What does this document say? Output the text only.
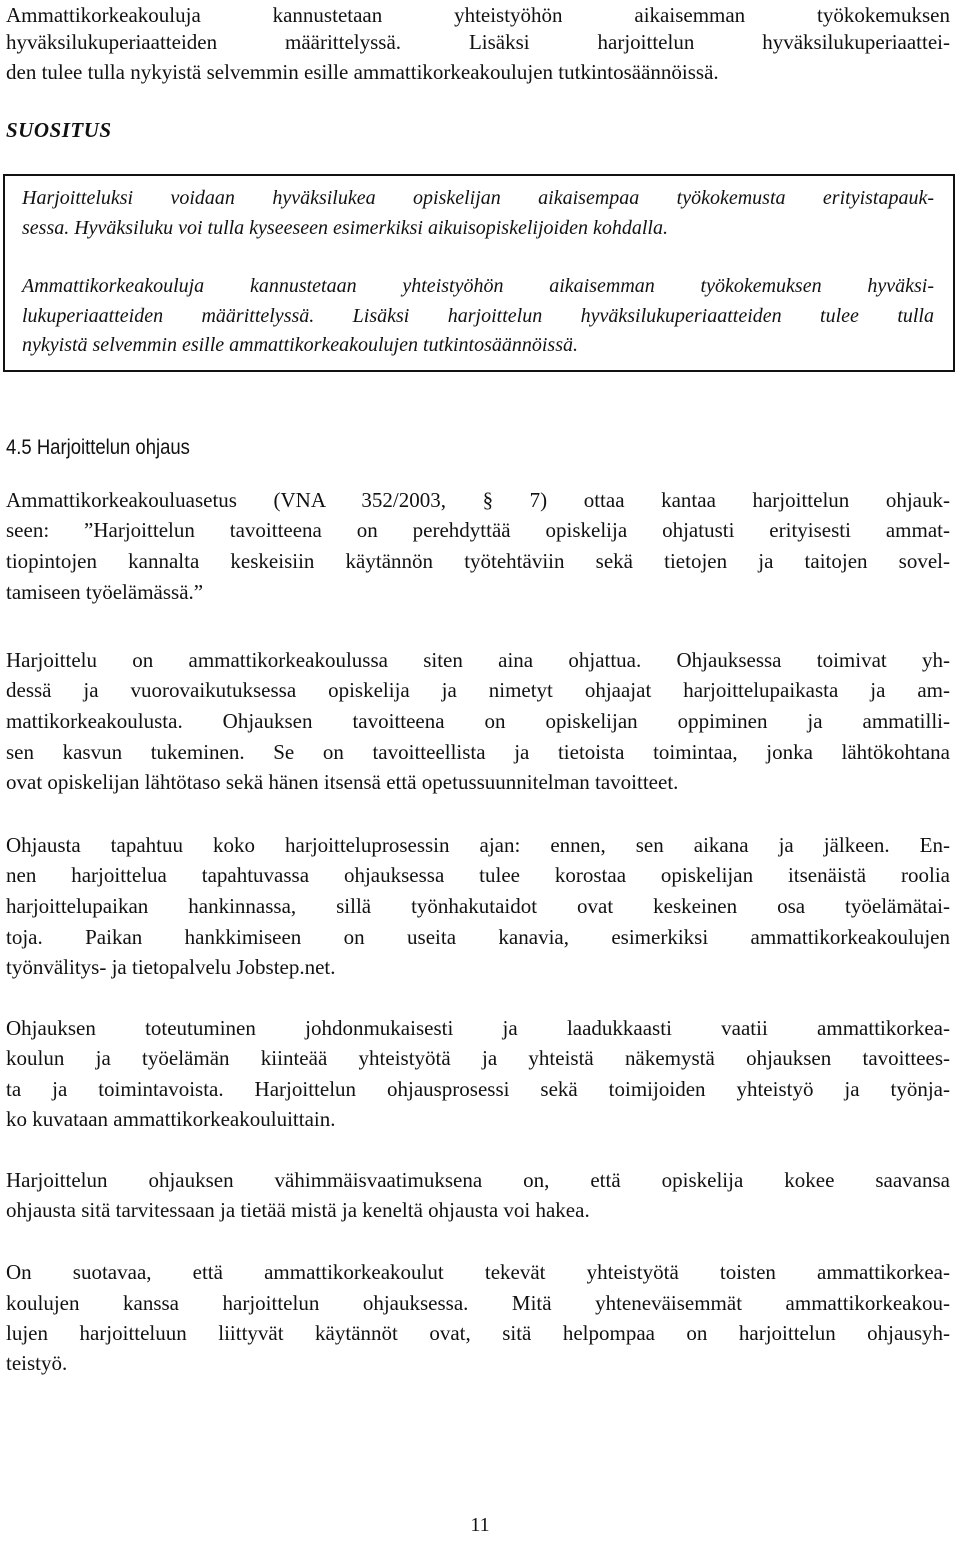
Ammattikorkeakouluja kannustetaan yhteistyöhön aikaisemman työkokemuksen
hyväksilukuperiaatteiden määrittelyssä. Lisäksi harjoittelun hyväksilukuperiaattei-
den tulee tulla nykyistä selvemmin esille ammattikorkeakoulujen tutkintosäännöissä.
SUOSITUS
Harjoitteluksi voidaan hyväksilukea opiskelijan aikaisempaa työkokemusta erityistapauk-
sessa. Hyväksiluku voi tulla kyseeseen esimerkiksi aikuisopiskelijoiden kohdalla.
Ammattikorkeakouluja kannustetaan yhteistyöhön aikaisemman työkokemuksen hyväksi-
lukuperiaatteiden määrittelyssä. Lisäksi harjoittelun hyväksilukuperiaatteiden tulee tulla
nykyistä selvemmin esille ammattikorkeakoulujen tutkintosäännöissä.
4.5 Harjoittelun ohjaus
Ammattikorkeakouluasetus (VNA 352/2003, § 7) ottaa kantaa harjoittelun ohjauk-
seen: ”Harjoittelun tavoitteena on perehdyttää opiskelija ohjatusti erityisesti ammat-
tiopintojen kannalta keskeisiin käytännön työtehtäviin sekä tietojen ja taitojen sovel-
tamiseen työelämässä.”
Harjoittelu on ammattikorkeakoulussa siten aina ohjattua. Ohjauksessa toimivat yh-
dessä ja vuorovaikutuksessa opiskelija ja nimetyt ohjaajat harjoittelupaikasta ja am-
mattikorkeakoulusta. Ohjauksen tavoitteena on opiskelijan oppiminen ja ammatilli-
sen kasvun tukeminen. Se on tavoitteellista ja tietoista toimintaa, jonka lähtökohtana
ovat opiskelijan lähtötaso sekä hänen itsensä että opetussuunnitelman tavoitteet.
Ohjausta tapahtuu koko harjoitteluprosessin ajan: ennen, sen aikana ja jälkeen. En-
nen harjoittelua tapahtuvassa ohjauksessa tulee korostaa opiskelijan itsenäistä roolia
harjoittelupaikan hankinnassa, sillä työnhakutaidot ovat keskeinen osa työelämätai-
toja. Paikan hankkimiseen on useita kanavia, esimerkiksi ammattikorkeakoulujen
työnvälitys- ja tietopalvelu Jobstep.net.
Ohjauksen toteutuminen johdonmukaisesti ja laadukkaasti vaatii ammattikorkea-
koulun ja työelämän kiinteää yhteistyötä ja yhteistä näkemystä ohjauksen tavoittees-
ta ja toimintavoista. Harjoittelun ohjausprosessi sekä toimijoiden yhteistyö ja työnja-
ko kuvataan ammattikorkeakouluittain.
Harjoittelun ohjauksen vähimmäisvaatimuksena on, että opiskelija kokee saavansa
ohjausta sitä tarvitessaan ja tietää mistä ja keneltä ohjausta voi hakea.
On suotavaa, että ammattikorkeakoulut tekevät yhteistyötä toisten ammattikorkea-
koulujen kanssa harjoittelun ohjauksessa. Mitä yhteneväisemmät ammattikorkeakou-
lujen harjoitteluun liittyvät käytännöt ovat, sitä helpompaa on harjoittelun ohjausyh-
teistyö.
11
